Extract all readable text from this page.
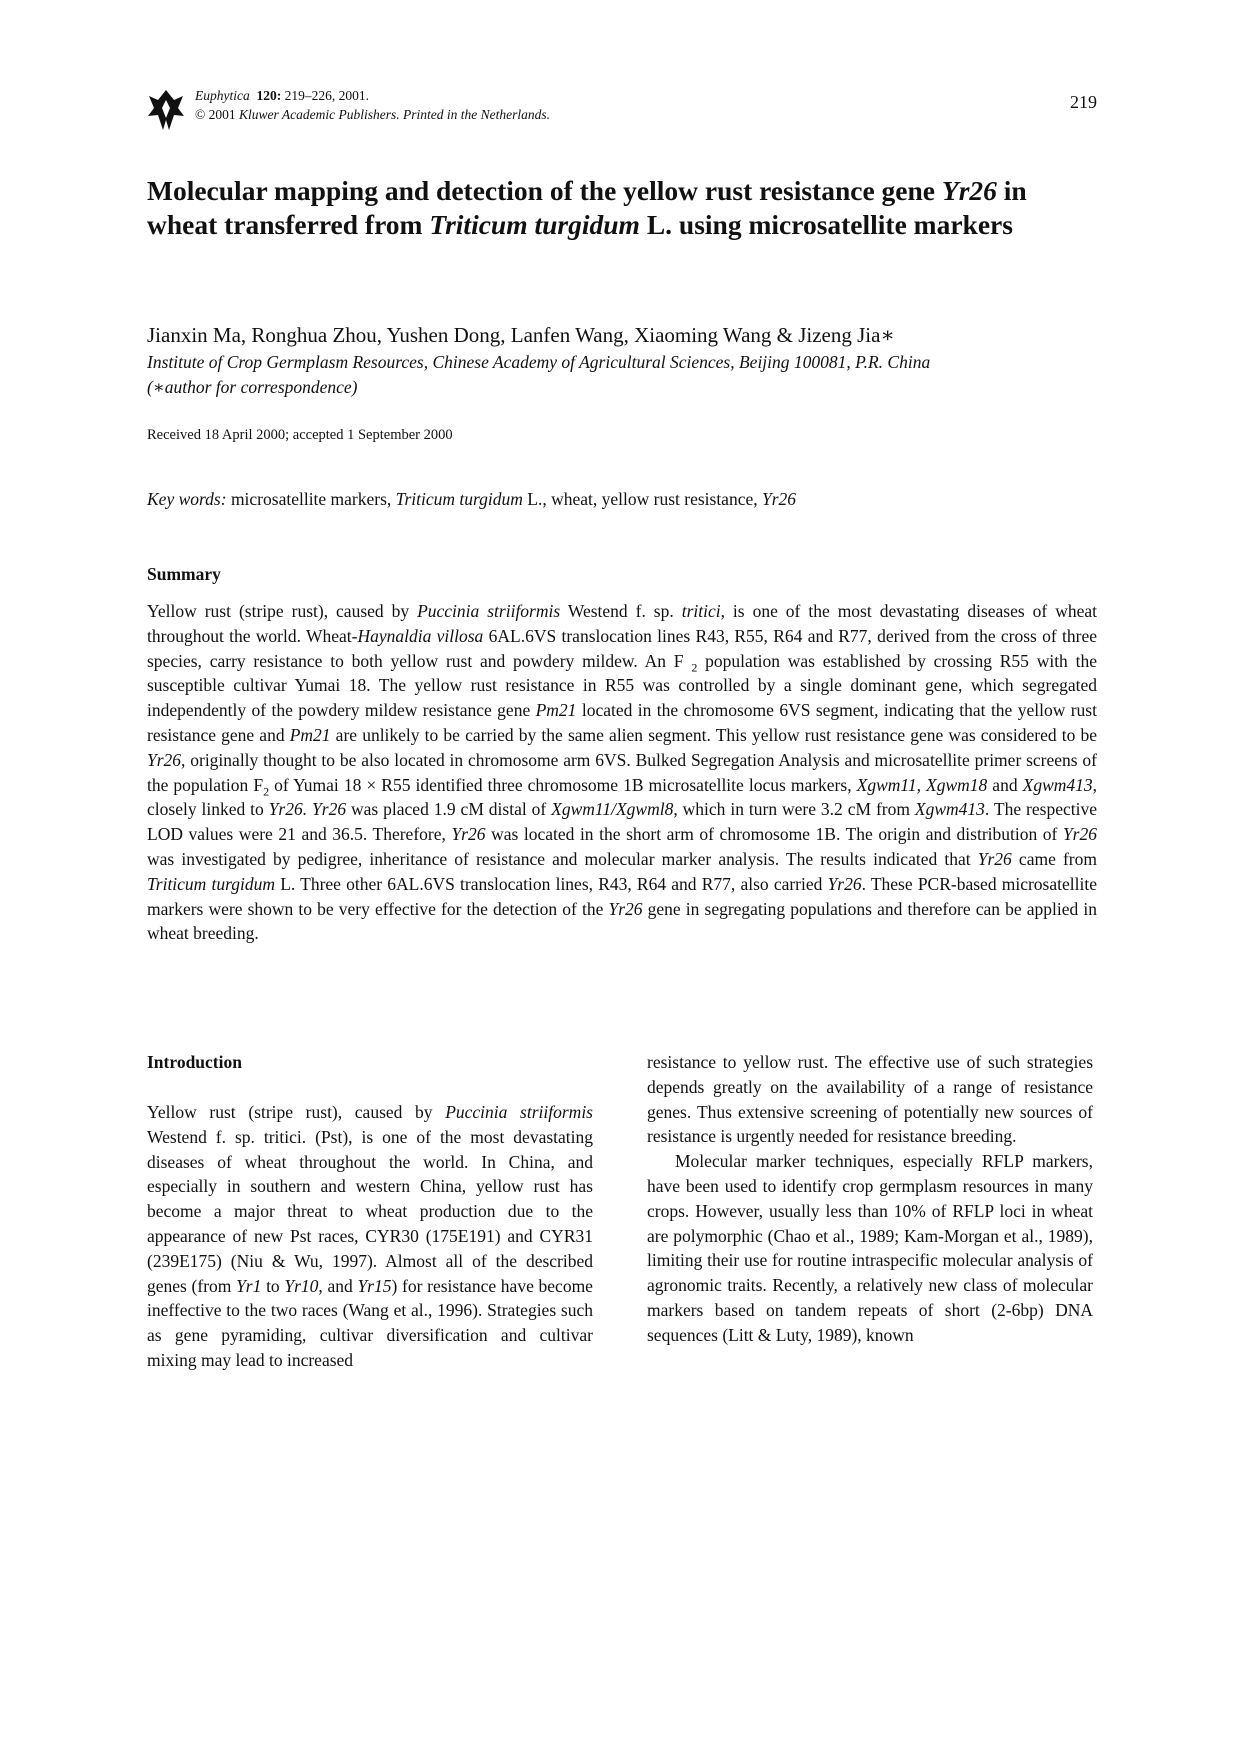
Euphytica 120: 219–226, 2001.
© 2001 Kluwer Academic Publishers. Printed in the Netherlands.
219
Molecular mapping and detection of the yellow rust resistance gene Yr26 in wheat transferred from Triticum turgidum L. using microsatellite markers
Jianxin Ma, Ronghua Zhou, Yushen Dong, Lanfen Wang, Xiaoming Wang & Jizeng Jia∗
Institute of Crop Germplasm Resources, Chinese Academy of Agricultural Sciences, Beijing 100081, P.R. China
(∗author for correspondence)
Received 18 April 2000; accepted 1 September 2000
Key words: microsatellite markers, Triticum turgidum L., wheat, yellow rust resistance, Yr26
Summary

Yellow rust (stripe rust), caused by Puccinia striiformis Westend f. sp. tritici, is one of the most devastating diseases of wheat throughout the world. Wheat-Haynaldia villosa 6AL.6VS translocation lines R43, R55, R64 and R77, derived from the cross of three species, carry resistance to both yellow rust and powdery mildew. An F $_2$ population was established by crossing R55 with the susceptible cultivar Yumai 18. The yellow rust resistance in R55 was controlled by a single dominant gene, which segregated independently of the powdery mildew resistance gene Pm21 located in the chromosome 6VS segment, indicating that the yellow rust resistance gene and Pm21 are unlikely to be carried by the same alien segment. This yellow rust resistance gene was considered to be Yr26, originally thought to be also located in chromosome arm 6VS. Bulked Segregation Analysis and microsatellite primer screens of the population $F_2$ of Yumai 18 × R55 identified three chromosome 1B microsatellite locus markers, Xgwm11, Xgwm18 and Xgwm413, closely linked to Yr26. Yr26 was placed 1.9 cM distal of Xgwm11/Xgwml8, which in turn were 3.2 cM from Xgwm413. The respective LOD values were 21 and 36.5. Therefore, Yr26 was located in the short arm of chromosome 1B. The origin and distribution of Yr26 was investigated by pedigree, inheritance of resistance and molecular marker analysis. The results indicated that Yr26 came from Triticum turgidum L. Three other 6AL.6VS translocation lines, R43, R64 and R77, also carried Yr26. These PCR-based microsatellite markers were shown to be very effective for the detection of the Yr26 gene in segregating populations and therefore can be applied in wheat breeding.

Introduction

Yellow rust (stripe rust), caused by Puccinia striiformis Westend f. sp. tritici. (Pst), is one of the most devastating diseases of wheat throughout the world. In China, and especially in southern and western China, yellow rust has become a major threat to wheat production due to the appearance of new Pst races, CYR30 (175E191) and CYR31 (239E175) (Niu & Wu, 1997). Almost all of the described genes (from Yr1 to Yr10, and Yr15) for resistance have become ineffective to the two races (Wang et al., 1996). Strategies such as gene pyramiding, cultivar diversification and cultivar mixing may lead to increased

resistance to yellow rust. The effective use of such strategies depends greatly on the availability of a range of resistance genes. Thus extensive screening of potentially new sources of resistance is urgently needed for resistance breeding.

Molecular marker techniques, especially RFLP markers, have been used to identify crop germplasm resources in many crops. However, usually less than 10% of RFLP loci in wheat are polymorphic (Chao et al., 1989; Kam-Morgan et al., 1989), limiting their use for routine intraspecific molecular analysis of agronomic traits. Recently, a relatively new class of molecular markers based on tandem repeats of short (2-6bp) DNA sequences (Litt & Luty, 1989), known
